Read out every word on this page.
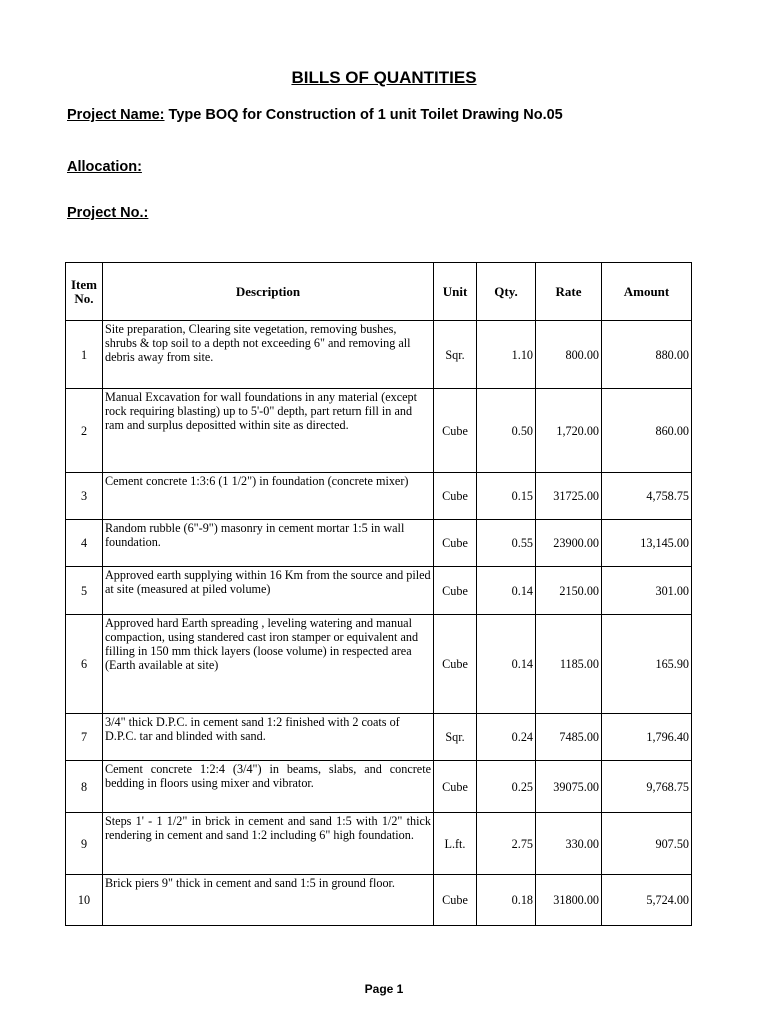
BILLS OF QUANTITIES
Project Name: Type BOQ for Construction of 1 unit Toilet Drawing No.05
Allocation:
Project No.:
Item No.	Description	Unit	Qty.	Rate	Amount
1	Site preparation, Clearing site vegetation, removing bushes, shrubs & top soil to a depth not exceeding 6" and removing all debris away from site.	Sqr.	1.10	800.00	880.00
2	Manual Excavation for wall foundations in any material (except rock requiring blasting) up to 5'-0" depth, part return fill in and ram and surplus depositted within site as directed.	Cube	0.50	1,720.00	860.00
3	Cement concrete 1:3:6 (1 1/2") in foundation (concrete mixer)	Cube	0.15	31725.00	4,758.75
4	Random rubble (6"-9") masonry in cement mortar 1:5 in wall foundation.	Cube	0.55	23900.00	13,145.00
5	Approved earth supplying within 16 Km from the source and piled at site (measured at piled volume)	Cube	0.14	2150.00	301.00
6	Approved hard Earth spreading , leveling watering and manual compaction, using standered cast iron stamper or equivalent and filling in 150 mm thick layers (loose volume) in respected area (Earth available at site)	Cube	0.14	1185.00	165.90
7	3/4" thick D.P.C. in cement sand 1:2 finished with 2 coats of D.P.C. tar and blinded with sand.	Sqr.	0.24	7485.00	1,796.40
8	Cement concrete 1:2:4 (3/4") in beams, slabs, and concrete bedding in floors using mixer and vibrator.	Cube	0.25	39075.00	9,768.75
9	Steps 1' - 1 1/2" in brick in cement and sand 1:5 with 1/2" thick rendering in cement and sand 1:2 including 6" high foundation.	L.ft.	2.75	330.00	907.50
10	Brick piers 9" thick in cement and sand 1:5 in ground floor.	Cube	0.18	31800.00	5,724.00
Page 1
